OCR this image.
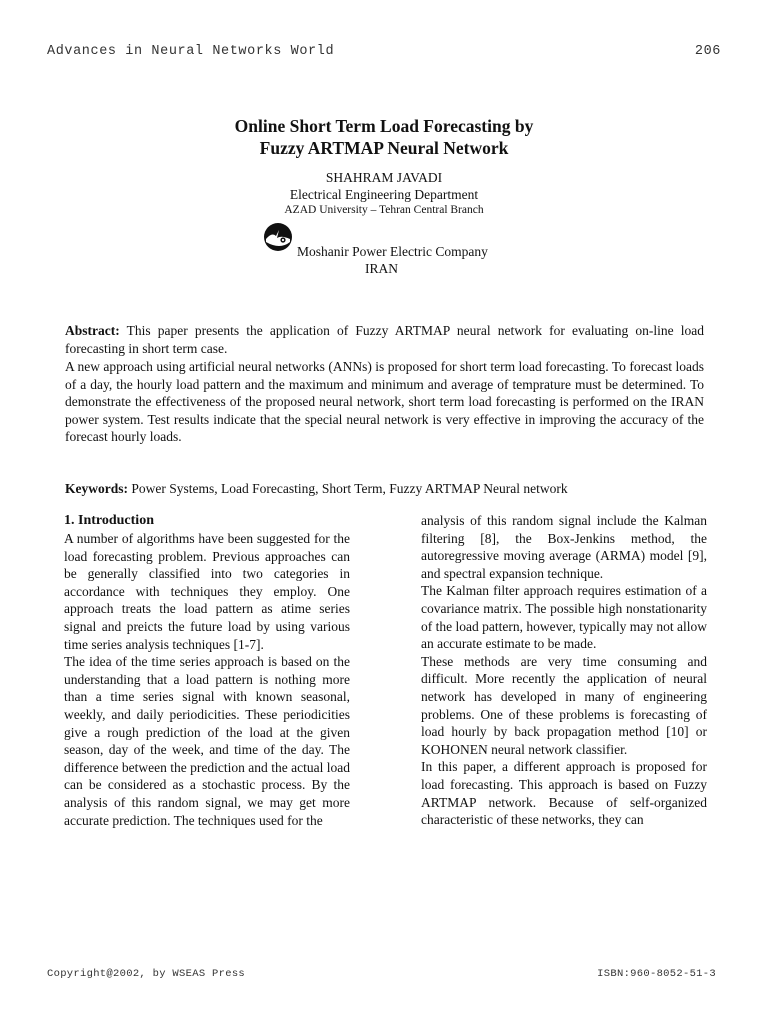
Advances in Neural Networks World	206
Online Short Term Load Forecasting by
Fuzzy ARTMAP Neural Network
SHAHRAM JAVADI
Electrical Engineering Department
AZAD University – Tehran Central Branch
Moshanir Power Electric Company
IRAN
Abstract: This paper presents the application of Fuzzy ARTMAP neural network for evaluating on-line load forecasting in short term case.
A new approach using artificial neural networks (ANNs) is proposed for short term load forecasting. To forecast loads of a day, the hourly load pattern and the maximum and minimum and average of temprature must be determined. To demonstrate the effectiveness of the proposed neural network, short term load forecasting is performed on the IRAN power system. Test results indicate that the special neural network is very effective in improving the accuracy of the forecast hourly loads.
Keywords: Power Systems, Load Forecasting, Short Term, Fuzzy ARTMAP Neural network
1. Introduction

A number of algorithms have been suggested for the load forecasting problem. Previous approaches can be generally classified into two categories in accordance with techniques they employ. One approach treats the load pattern as atime series signal and preicts the future load by using various time series analysis techniques [1-7].

The idea of the time series approach is based on the understanding that a load pattern is nothing more than a time series signal with known seasonal, weekly, and daily periodicities. These periodicities give a rough prediction of the load at the given season, day of the week, and time of the day. The difference between the prediction and the actual load can be considered as a stochastic process. By the analysis of this random signal, we may get more accurate prediction. The techniques used for the

analysis of this random signal include the Kalman filtering [8], the Box-Jenkins method, the autoregressive moving average (ARMA) model [9], and spectral expansion technique.

The Kalman filter approach requires estimation of a covariance matrix. The possible high nonstationarity of the load pattern, however, typically may not allow an accurate estimate to be made.

These methods are very time consuming and difficult. More recently the application of neural network has developed in many of engineering problems. One of these problems is forecasting of load hourly by back propagation method [10] or KOHONEN neural network classifier.

In this paper, a different approach is proposed for load forecasting. This approach is based on Fuzzy ARTMAP network. Because of self-organized characteristic of these networks, they can

Copyright@2002, by WSEAS Press	ISBN:960-8052-51-3
